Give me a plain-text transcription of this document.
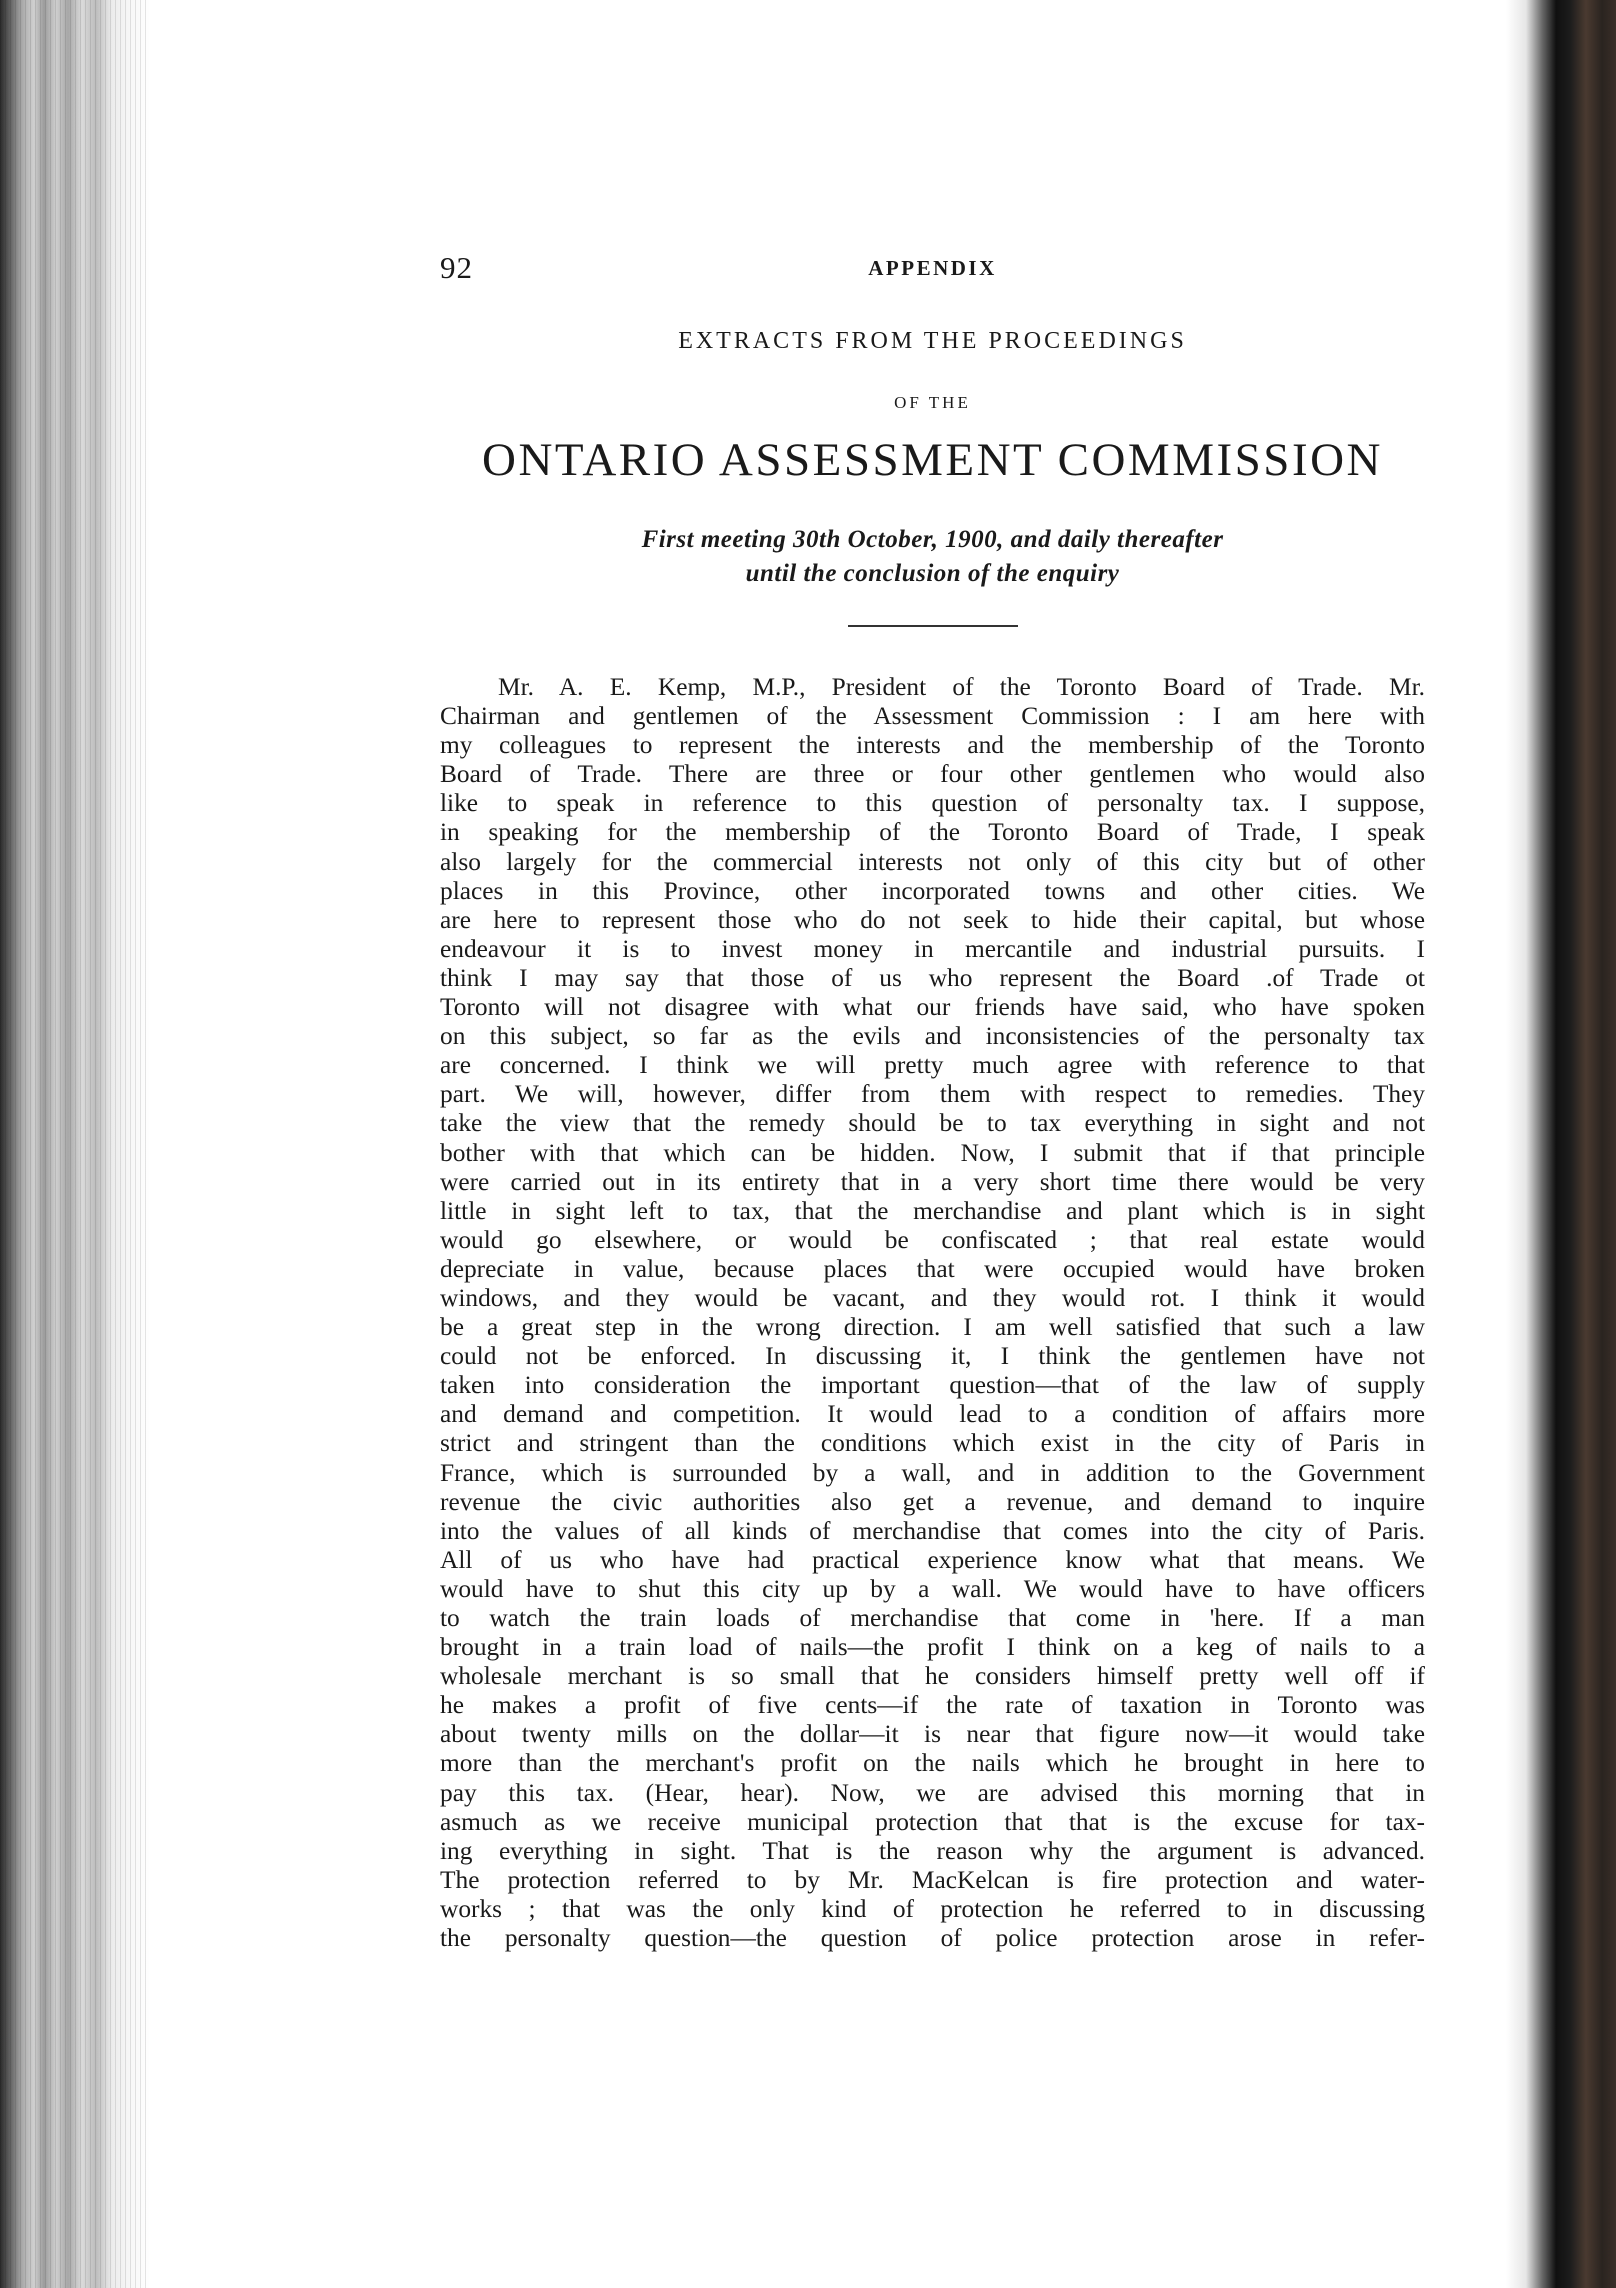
92	APPENDIX
EXTRACTS FROM THE PROCEEDINGS
OF THE
ONTARIO ASSESSMENT COMMISSION
First meeting 30th October, 1900, and daily thereafter
until the conclusion of the enquiry
Mr. A. E. Kemp, M.P., President of the Toronto Board of Trade. Mr.
Chairman and gentlemen of the Assessment Commission : I am here with
my colleagues to represent the interests and the membership of the Toronto
Board of Trade. There are three or four other gentlemen who would also
like to speak in reference to this question of personalty tax. I suppose,
in speaking for the membership of the Toronto Board of Trade, I speak
also largely for the commercial interests not only of this city but of other
places in this Province, other incorporated towns and other cities. We
are here to represent those who do not seek to hide their capital, but whose
endeavour it is to invest money in mercantile and industrial pursuits. I
think I may say that those of us who represent the Board .of Trade ot
Toronto will not disagree with what our friends have said, who have spoken
on this subject, so far as the evils and inconsistencies of the personalty tax
are concerned. I think we will pretty much agree with reference to that
part. We will, however, differ from them with respect to remedies. They
take the view that the remedy should be to tax everything in sight and not
bother with that which can be hidden. Now, I submit that if that principle
were carried out in its entirety that in a very short time there would be very
little in sight left to tax, that the merchandise and plant which is in sight
would go elsewhere, or would be confiscated ; that real estate would
depreciate in value, because places that were occupied would have broken
windows, and they would be vacant, and they would rot. I think it would
be a great step in the wrong direction. I am well satisfied that such a law
could not be enforced. In discussing it, I think the gentlemen have not
taken into consideration the important question—that of the law of supply
and demand and competition. It would lead to a condition of affairs more
strict and stringent than the conditions which exist in the city of Paris in
France, which is surrounded by a wall, and in addition to the Government
revenue the civic authorities also get a revenue, and demand to inquire
into the values of all kinds of merchandise that comes into the city of Paris.
All of us who have had practical experience know what that means. We
would have to shut this city up by a wall. We would have to have officers
to watch the train loads of merchandise that come in 'here. If a man
brought in a train load of nails—the profit I think on a keg of nails to a
wholesale merchant is so small that he considers himself pretty well off if
he makes a profit of five cents—if the rate of taxation in Toronto was
about twenty mills on the dollar—it is near that figure now—it would take
more than the merchant's profit on the nails which he brought in here to
pay this tax. (Hear, hear). Now, we are advised this morning that in
asmuch as we receive municipal protection that that is the excuse for tax-
ing everything in sight. That is the reason why the argument is advanced.
The protection referred to by Mr. MacKelcan is fire protection and water-
works ; that was the only kind of protection he referred to in discussing
the personalty question—the question of police protection arose in refer-
